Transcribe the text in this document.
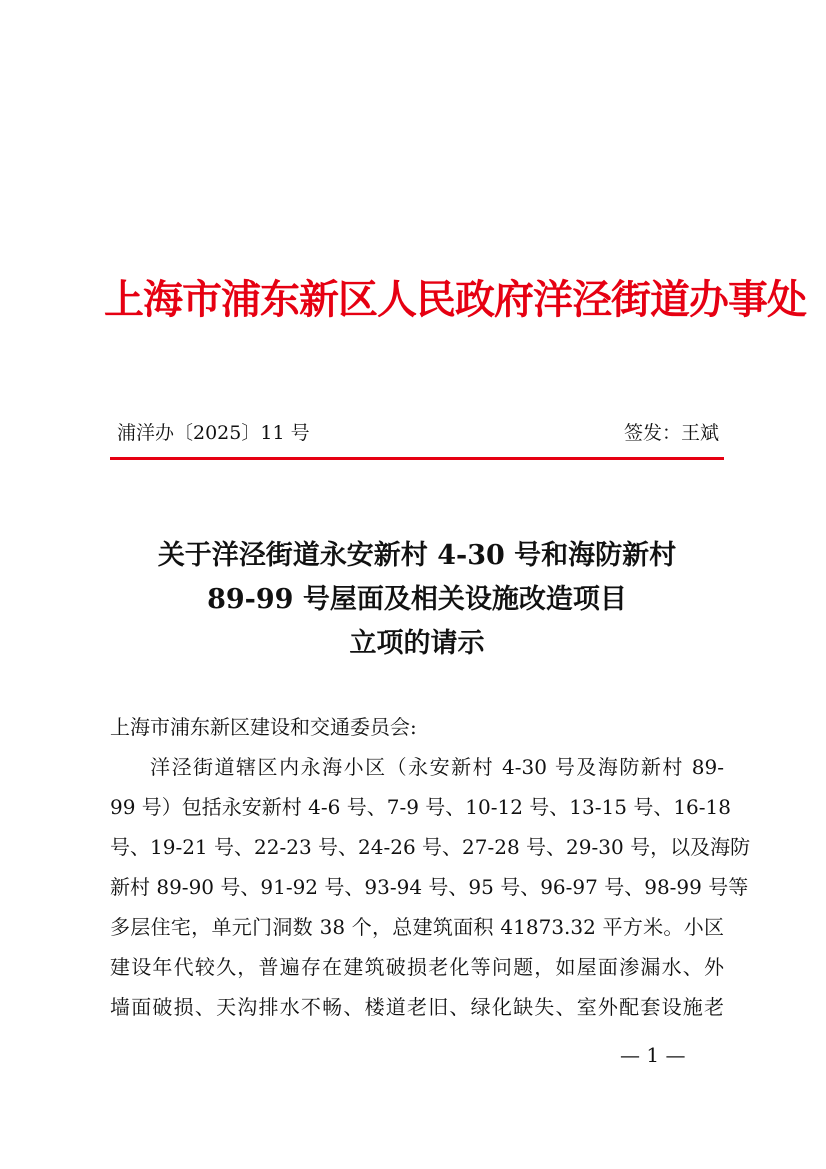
上海市浦东新区人民政府洋泾街道办事处
浦洋办〔2025〕11 号	签发：王斌
关于洋泾街道永安新村 4-30 号和海防新村
89-99 号屋面及相关设施改造项目
立项的请示
上海市浦东新区建设和交通委员会:
洋泾街道辖区内永海小区（永安新村 4-30 号及海防新村 89-
99 号）包括永安新村 4-6 号、7-9 号、10-12 号、13-15 号、16-18
号、19-21 号、22-23 号、24-26 号、27-28 号、29-30 号，以及海防
新村 89-90 号、91-92 号、93-94 号、95 号、96-97 号、98-99 号等
多层住宅，单元门洞数 38 个，总建筑面积 41873.32 平方米。小区
建设年代较久，普遍存在建筑破损老化等问题，如屋面渗漏水、外
墙面破损、天沟排水不畅、楼道老旧、绿化缺失、室外配套设施老
— 1 —
